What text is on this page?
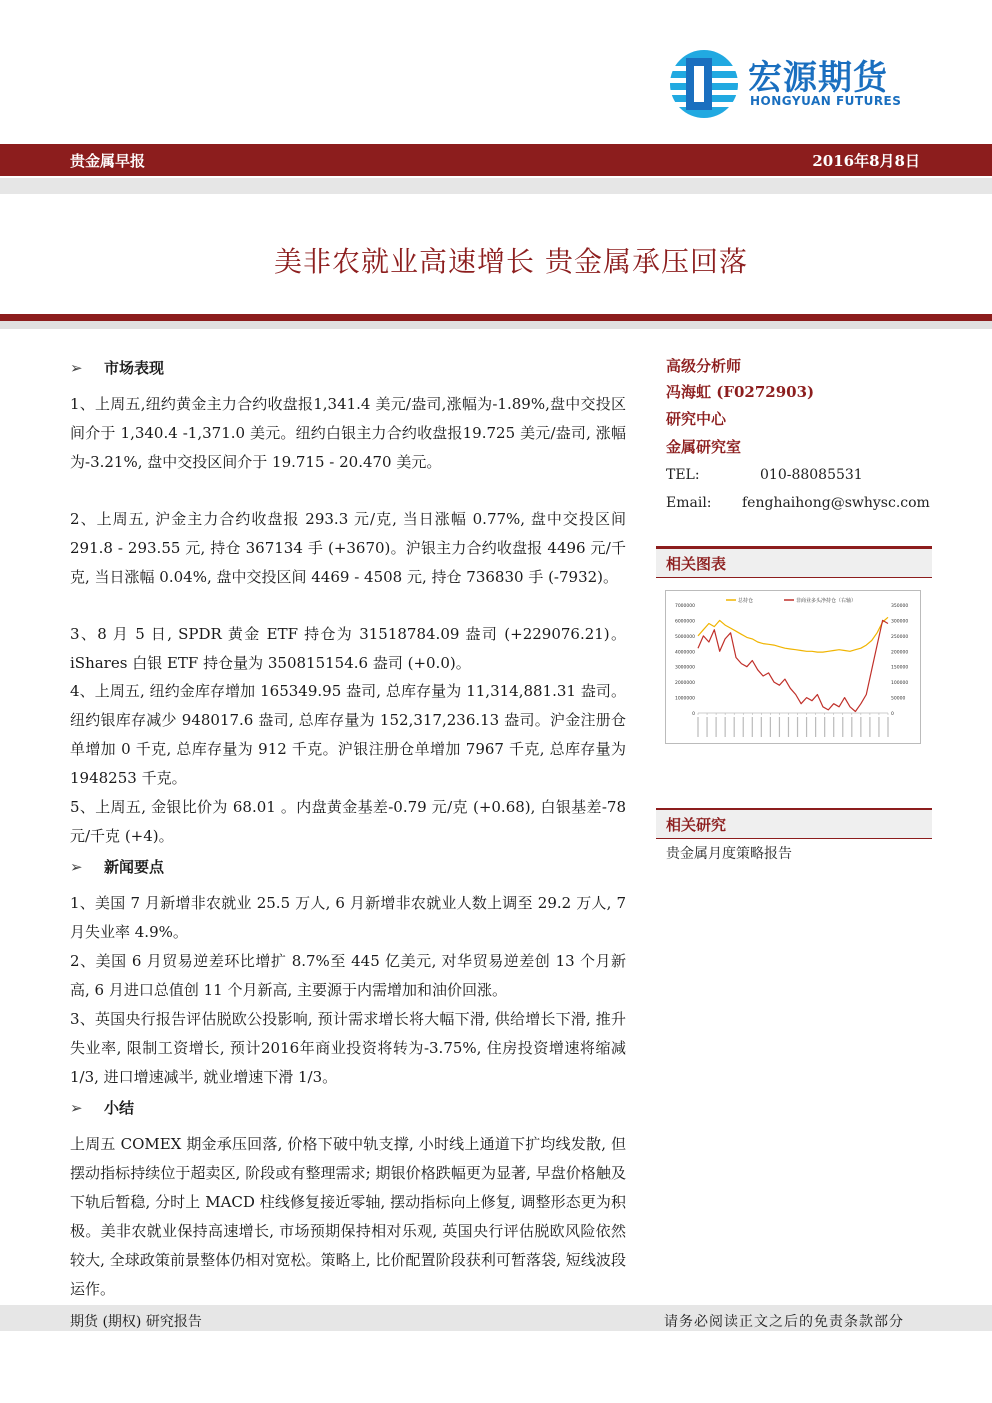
宏源期货
HONGYUAN FUTURES
贵金属早报	2016年8月8日
美非农就业高速增长 贵金属承压回落
➢ 市场表现
1、上周五,纽约黄金主力合约收盘报1,341.4 美元/盎司,涨幅为-1.89%,盘中交投区间介于 1,340.4 -1,371.0 美元。纽约白银主力合约收盘报19.725 美元/盎司, 涨幅为-3.21%, 盘中交投区间介于 19.715 - 20.470 美元。
2、上周五, 沪金主力合约收盘报 293.3 元/克, 当日涨幅 0.77%, 盘中交投区间 291.8 - 293.55 元, 持仓 367134 手 (+3670)。沪银主力合约收盘报 4496 元/千克, 当日涨幅 0.04%, 盘中交投区间 4469 - 4508 元, 持仓 736830 手 (-7932)。
3、8 月 5 日, SPDR 黄金 ETF 持仓为 31518784.09 盎司 (+229076.21)。iShares 白银 ETF 持仓量为 350815154.6 盎司 (+0.0)。
4、上周五, 纽约金库存增加 165349.95 盎司, 总库存量为 11,314,881.31 盎司。 纽约银库存减少 948017.6 盎司, 总库存量为 152,317,236.13 盎司。沪金注册仓单增加 0 千克, 总库存量为 912 千克。沪银注册仓单增加 7967 千克, 总库存量为 1948253 千克。
5、上周五, 金银比价为 68.01 。内盘黄金基差-0.79 元/克 (+0.68), 白银基差-78 元/千克 (+4)。
➢ 新闻要点
1、美国 7 月新增非农就业 25.5 万人, 6 月新增非农就业人数上调至 29.2 万人, 7 月失业率 4.9%。
2、美国 6 月贸易逆差环比增扩 8.7%至 445 亿美元, 对华贸易逆差创 13 个月新高, 6 月进口总值创 11 个月新高, 主要源于内需增加和油价回涨。
3、英国央行报告评估脱欧公投影响, 预计需求增长将大幅下滑, 供给增长下滑, 推升失业率, 限制工资增长, 预计2016年商业投资将转为-3.75%, 住房投资增速将缩减 1/3, 进口增速减半, 就业增速下滑 1/3。
➢ 小结
上周五 COMEX 期金承压回落, 价格下破中轨支撑, 小时线上通道下扩均线发散, 但摆动指标持续位于超卖区, 阶段或有整理需求; 期银价格跌幅更为显著, 早盘价格触及下轨后暂稳, 分时上 MACD 柱线修复接近零轴, 摆动指标向上修复, 调整形态更为积极。美非农就业保持高速增长, 市场预期保持相对乐观, 英国央行评估脱欧风险依然较大, 全球政策前景整体仍相对宽松。策略上, 比价配置阶段获利可暂落袋, 短线波段运作。
高级分析师
冯海虹 (F0272903)
研究中心
金属研究室
TEL:	010-88085531
Email: fenghaihong@swhysc.com
相关图表
总持仓	非商业多头净持仓（右轴）
7000000
6000000
5000000
4000000
3000000
2000000
1000000
0
350000
300000
250000
200000
150000
100000
50000
0
相关研究
贵金属月度策略报告
期货 (期权) 研究报告	请务必阅读正文之后的免责条款部分
